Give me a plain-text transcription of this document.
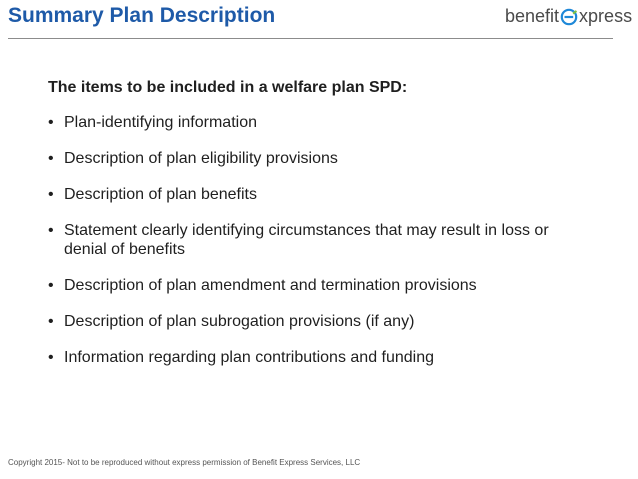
Summary Plan Description	benefit xpress
The items to be included in a welfare plan SPD:
• Plan-identifying information
• Description of plan eligibility provisions
• Description of plan benefits
• Statement clearly identifying circumstances that may result in loss or denial of benefits
• Description of plan amendment and termination provisions
• Description of plan subrogation provisions (if any)
• Information regarding plan contributions and funding
Copyright 2015- Not to be reproduced without express permission of Benefit Express Services, LLC
